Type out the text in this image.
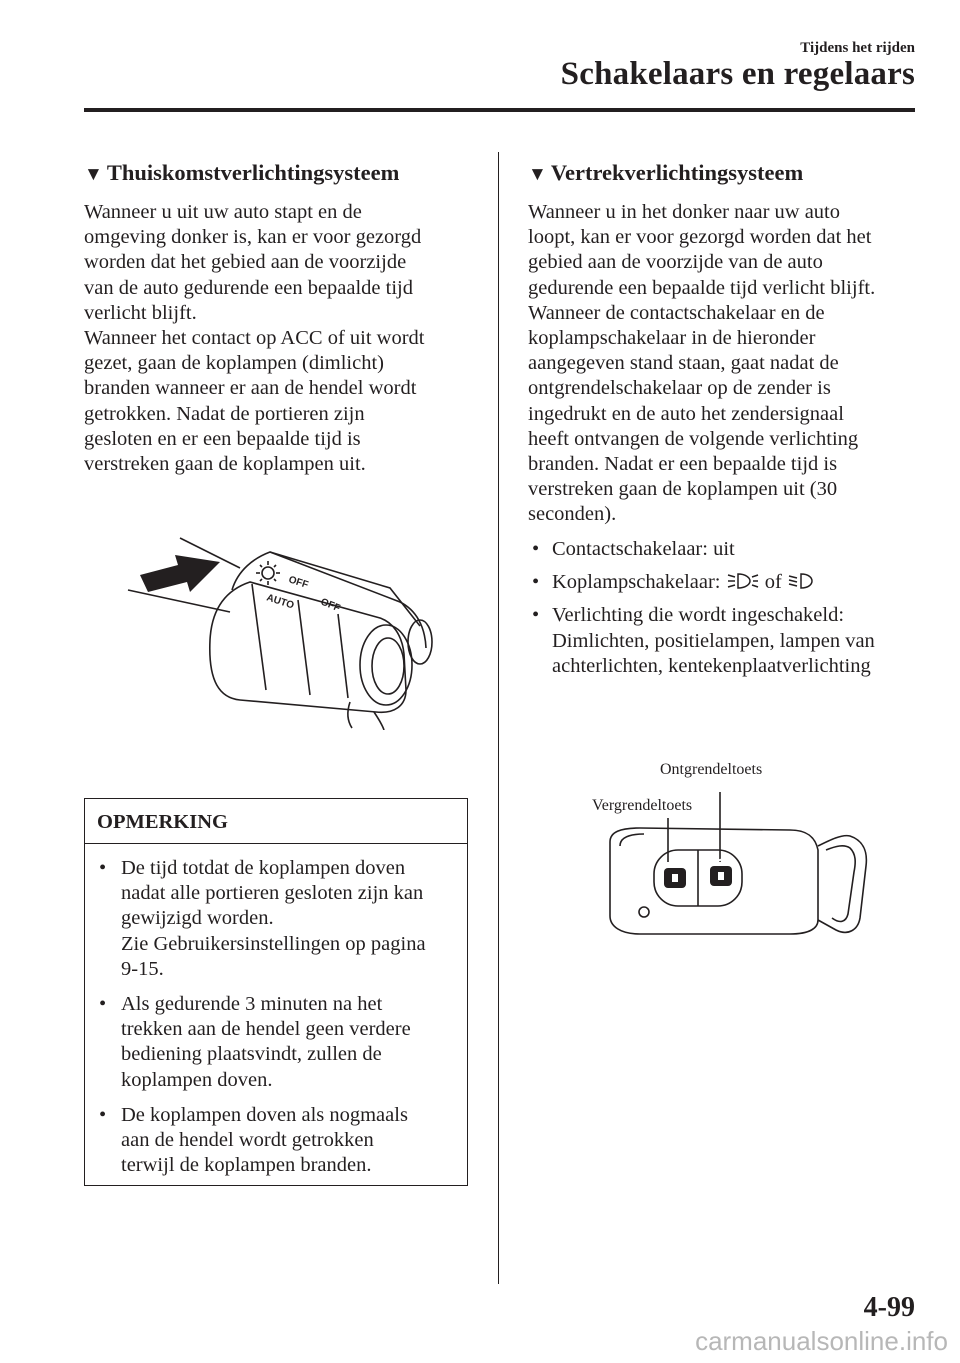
Tijdens het rijden
Schakelaars en regelaars
▼ Thuiskomstverlichtingsysteem
Wanneer u uit uw auto stapt en de
omgeving donker is, kan er voor gezorgd
worden dat het gebied aan de voorzijde
van de auto gedurende een bepaalde tijd
verlicht blijft.
Wanneer het contact op ACC of uit wordt
gezet, gaan de koplampen (dimlicht)
branden wanneer er aan de hendel wordt
getrokken. Nadat de portieren zijn
gesloten en er een bepaalde tijd is
verstreken gaan de koplampen uit.
OFF
AUTO OFF
OPMERKING
• De tijd totdat de koplampen doven
nadat alle portieren gesloten zijn kan
gewijzigd worden.
Zie Gebruikersinstellingen op pagina
9-15.
• Als gedurende 3 minuten na het
trekken aan de hendel geen verdere
bediening plaatsvindt, zullen de
koplampen doven.
• De koplampen doven als nogmaals
aan de hendel wordt getrokken
terwijl de koplampen branden.
▼ Vertrekverlichtingsysteem
Wanneer u in het donker naar uw auto
loopt, kan er voor gezorgd worden dat het
gebied aan de voorzijde van de auto
gedurende een bepaalde tijd verlicht blijft.
Wanneer de contactschakelaar en de
koplampschakelaar in de hieronder
aangegeven stand staan, gaat nadat de
ontgrendelschakelaar op de zender is
ingedrukt en de auto het zendersignaal
heeft ontvangen de volgende verlichting
branden. Nadat er een bepaalde tijd is
verstreken gaan de koplampen uit (30
seconden).
• Contactschakelaar: uit
• Koplampschakelaar: of
• Verlichting die wordt ingeschakeld:
Dimlichten, positielampen, lampen van
achterlichten, kentekenplaatverlichting
Ontgrendeltoets
Vergrendeltoets
4-99
carmanualsonline.info
